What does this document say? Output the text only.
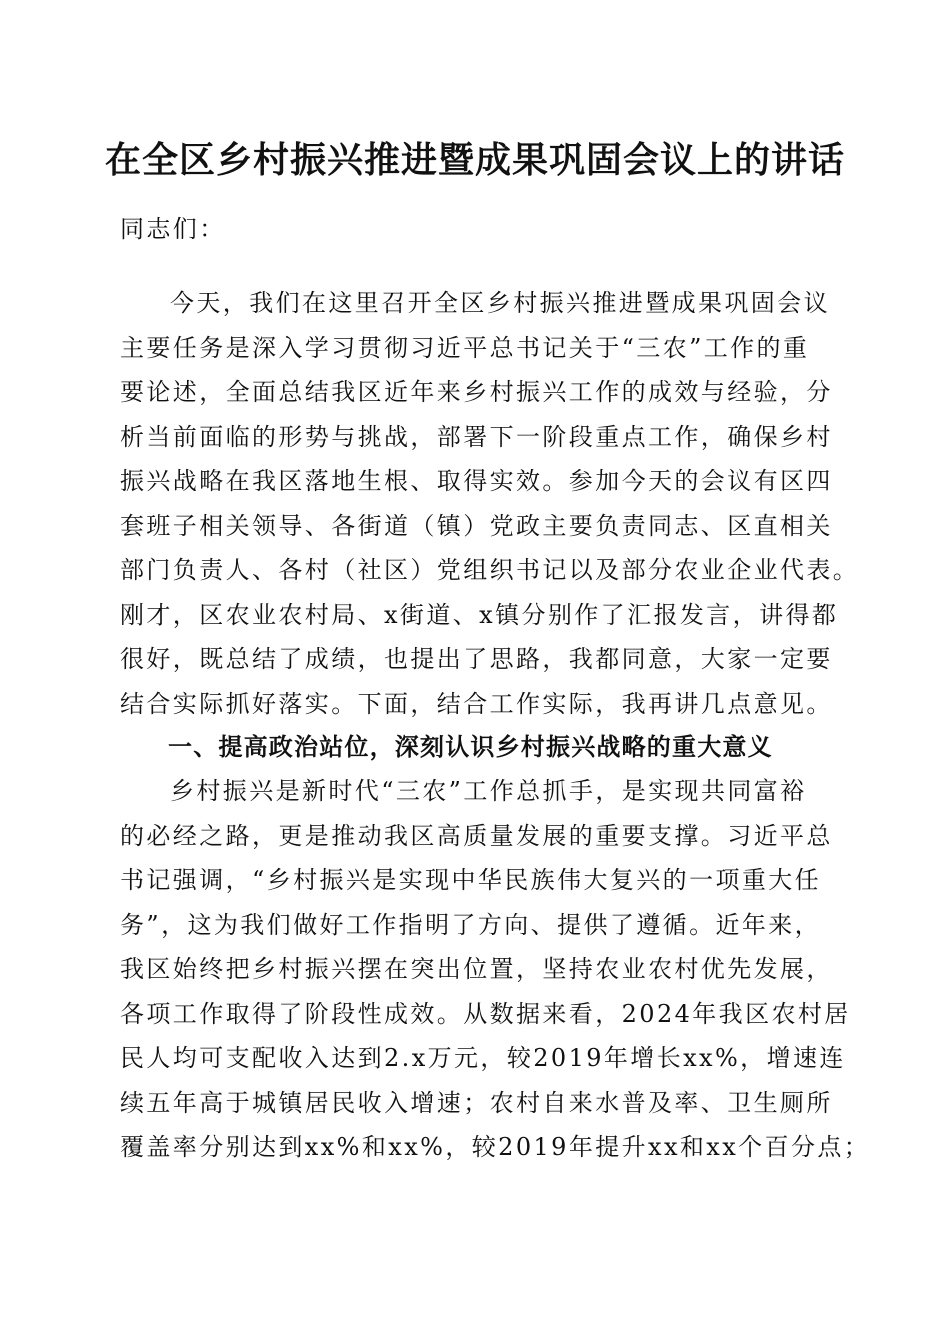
在全区乡村振兴推进暨成果巩固会议上的讲话

同志们：

今天，我们在这里召开全区乡村振兴推进暨成果巩固会议
主要任务是深入学习贯彻习近平总书记关于“三农”工作的重
要论述，全面总结我区近年来乡村振兴工作的成效与经验，分
析当前面临的形势与挑战，部署下一阶段重点工作，确保乡村
振兴战略在我区落地生根、取得实效。参加今天的会议有区四
套班子相关领导、各街道（镇）党政主要负责同志、区直相关
部门负责人、各村（社区）党组织书记以及部分农业企业代表。
刚才，区农业农村局、x街道、x镇分别作了汇报发言，讲得都
很好，既总结了成绩，也提出了思路，我都同意，大家一定要
结合实际抓好落实。下面，结合工作实际，我再讲几点意见。
一、提高政治站位，深刻认识乡村振兴战略的重大意义
乡村振兴是新时代“三农”工作总抓手，是实现共同富裕
的必经之路，更是推动我区高质量发展的重要支撑。习近平总
书记强调，“乡村振兴是实现中华民族伟大复兴的一项重大任
务”，这为我们做好工作指明了方向、提供了遵循。近年来，
我区始终把乡村振兴摆在突出位置，坚持农业农村优先发展，
各项工作取得了阶段性成效。从数据来看，2024年我区农村居
民人均可支配收入达到2.x万元，较2019年增长xx%，增速连
续五年高于城镇居民收入增速；农村自来水普及率、卫生厕所
覆盖率分别达到xx%和xx%，较2019年提升xx和xx个百分点；
